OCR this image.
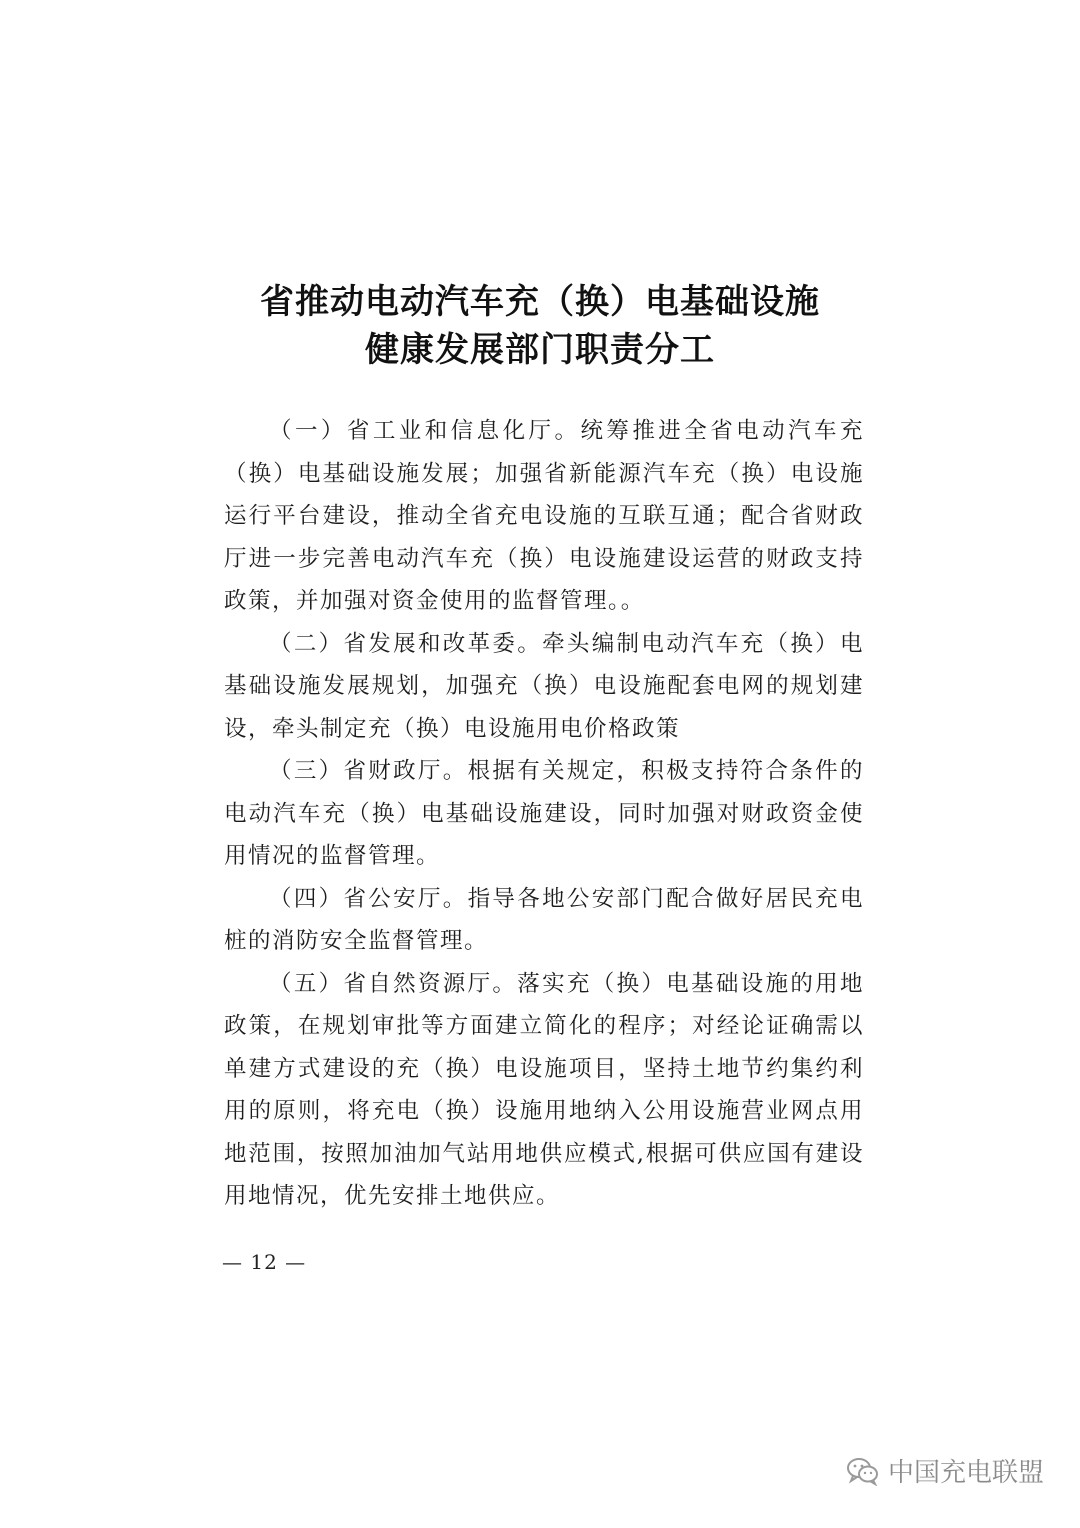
省推动电动汽车充（换）电基础设施
健康发展部门职责分工

（一）省工业和信息化厅。统筹推进全省电动汽车充（换）电基础设施发展；加强省新能源汽车充（换）电设施运行平台建设，推动全省充电设施的互联互通；配合省财政厅进一步完善电动汽车充（换）电设施建设运营的财政支持政策，并加强对资金使用的监督管理。。

（二）省发展和改革委。牵头编制电动汽车充（换）电基础设施发展规划，加强充（换）电设施配套电网的规划建设，牵头制定充（换）电设施用电价格政策

（三）省财政厅。根据有关规定，积极支持符合条件的电动汽车充（换）电基础设施建设，同时加强对财政资金使用情况的监督管理。

（四）省公安厅。指导各地公安部门配合做好居民充电桩的消防安全监督管理。

（五）省自然资源厅。落实充（换）电基础设施的用地政策，在规划审批等方面建立简化的程序；对经论证确需以单建方式建设的充（换）电设施项目，坚持土地节约集约利用的原则，将充电（换）设施用地纳入公用设施营业网点用地范围，按照加油加气站用地供应模式,根据可供应国有建设用地情况，优先安排土地供应。

— 12 —
中国充电联盟
